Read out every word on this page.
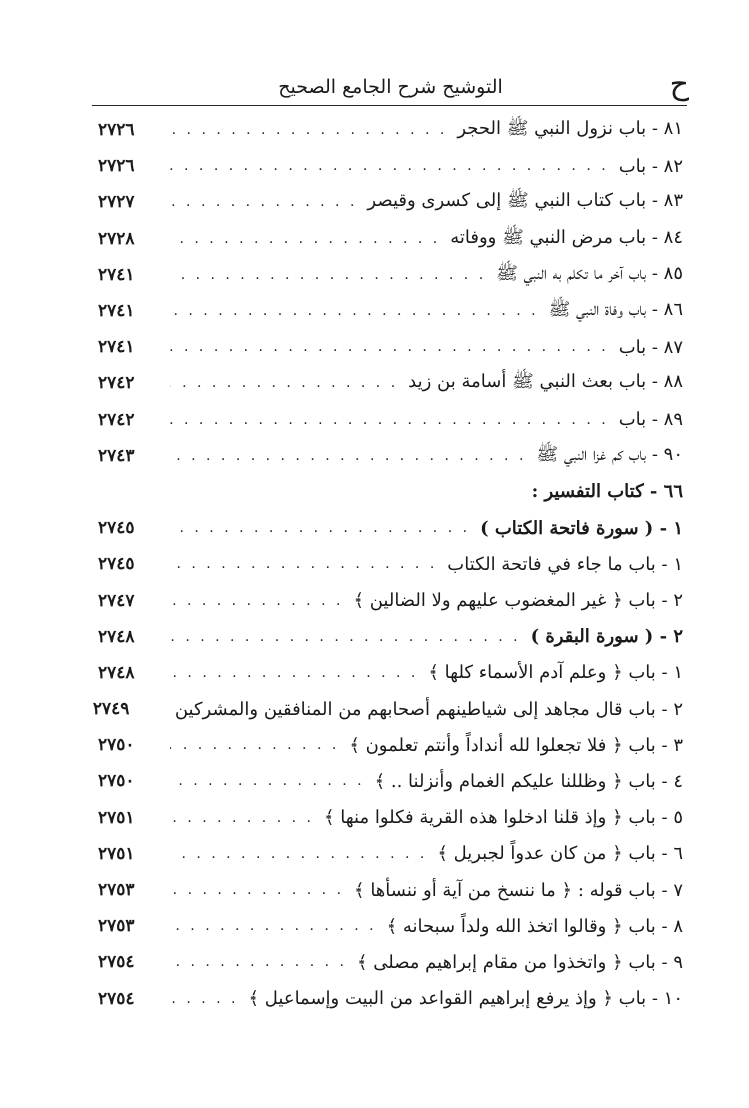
ح
التوشيح شرح الجامع الصحيح
٨١ - باب نزول النبي ﷺ الحجر
. . .
٢٧٢٦
٨٢ - باب
. . .
٢٧٢٦
٨٣ - باب كتاب النبي ﷺ إلى كسرى وقيصر
. . .
٢٧٢٧
٨٤ - باب مرض النبي ﷺ ووفاته
. . .
٢٧٢٨
٨٥ - باب آخر ما تكلم به النبي ﷺ
. . .
٢٧٤١
٨٦ - باب وفاة النبي ﷺ
. . .
٢٧٤١
٨٧ - باب
. . .
٢٧٤١
٨٨ - باب بعث النبي ﷺ أسامة بن زيد
. . .
٢٧٤٢
٨٩ - باب
. . .
٢٧٤٢
٩٠ - باب كم غزا النبي ﷺ
. . .
٢٧٤٣
٦٦ - كتاب التفسير :
١ - ( سورة فاتحة الكتاب )
. . .
٢٧٤٥
١ - باب ما جاء في فاتحة الكتاب
. . .
٢٧٤٥
٢ - باب ﴿ غير المغضوب عليهم ولا الضالين ﴾
. . .
٢٧٤٧
٢ - ( سورة البقرة )
. . .
٢٧٤٨
١ - باب ﴿ وعلم آدم الأسماء كلها ﴾
. . .
٢٧٤٨
٢ - باب قال مجاهد إلى شياطينهم أصحابهم من المنافقين والمشركين
٢٧٤٩
٣ - باب ﴿ فلا تجعلوا لله أنداداً وأنتم تعلمون ﴾
. . .
٢٧٥٠
٤ - باب ﴿ وظللنا عليكم الغمام وأنزلنا .. ﴾
. . .
٢٧٥٠
٥ - باب ﴿ وإذ قلنا ادخلوا هذه القرية فكلوا منها ﴾
. . .
٢٧٥١
٦ - باب ﴿ من كان عدواً لجبريل ﴾
. . .
٢٧٥١
٧ - باب قوله : ﴿ ما ننسخ من آية أو ننسأها ﴾
. . .
٢٧٥٣
٨ - باب ﴿ وقالوا اتخذ الله ولداً سبحانه ﴾
. . .
٢٧٥٣
٩ - باب ﴿ واتخذوا من مقام إبراهيم مصلى ﴾
. . .
٢٧٥٤
١٠ - باب ﴿ وإذ يرفع إبراهيم القواعد من البيت وإسماعيل ﴾
. . .
٢٧٥٤
